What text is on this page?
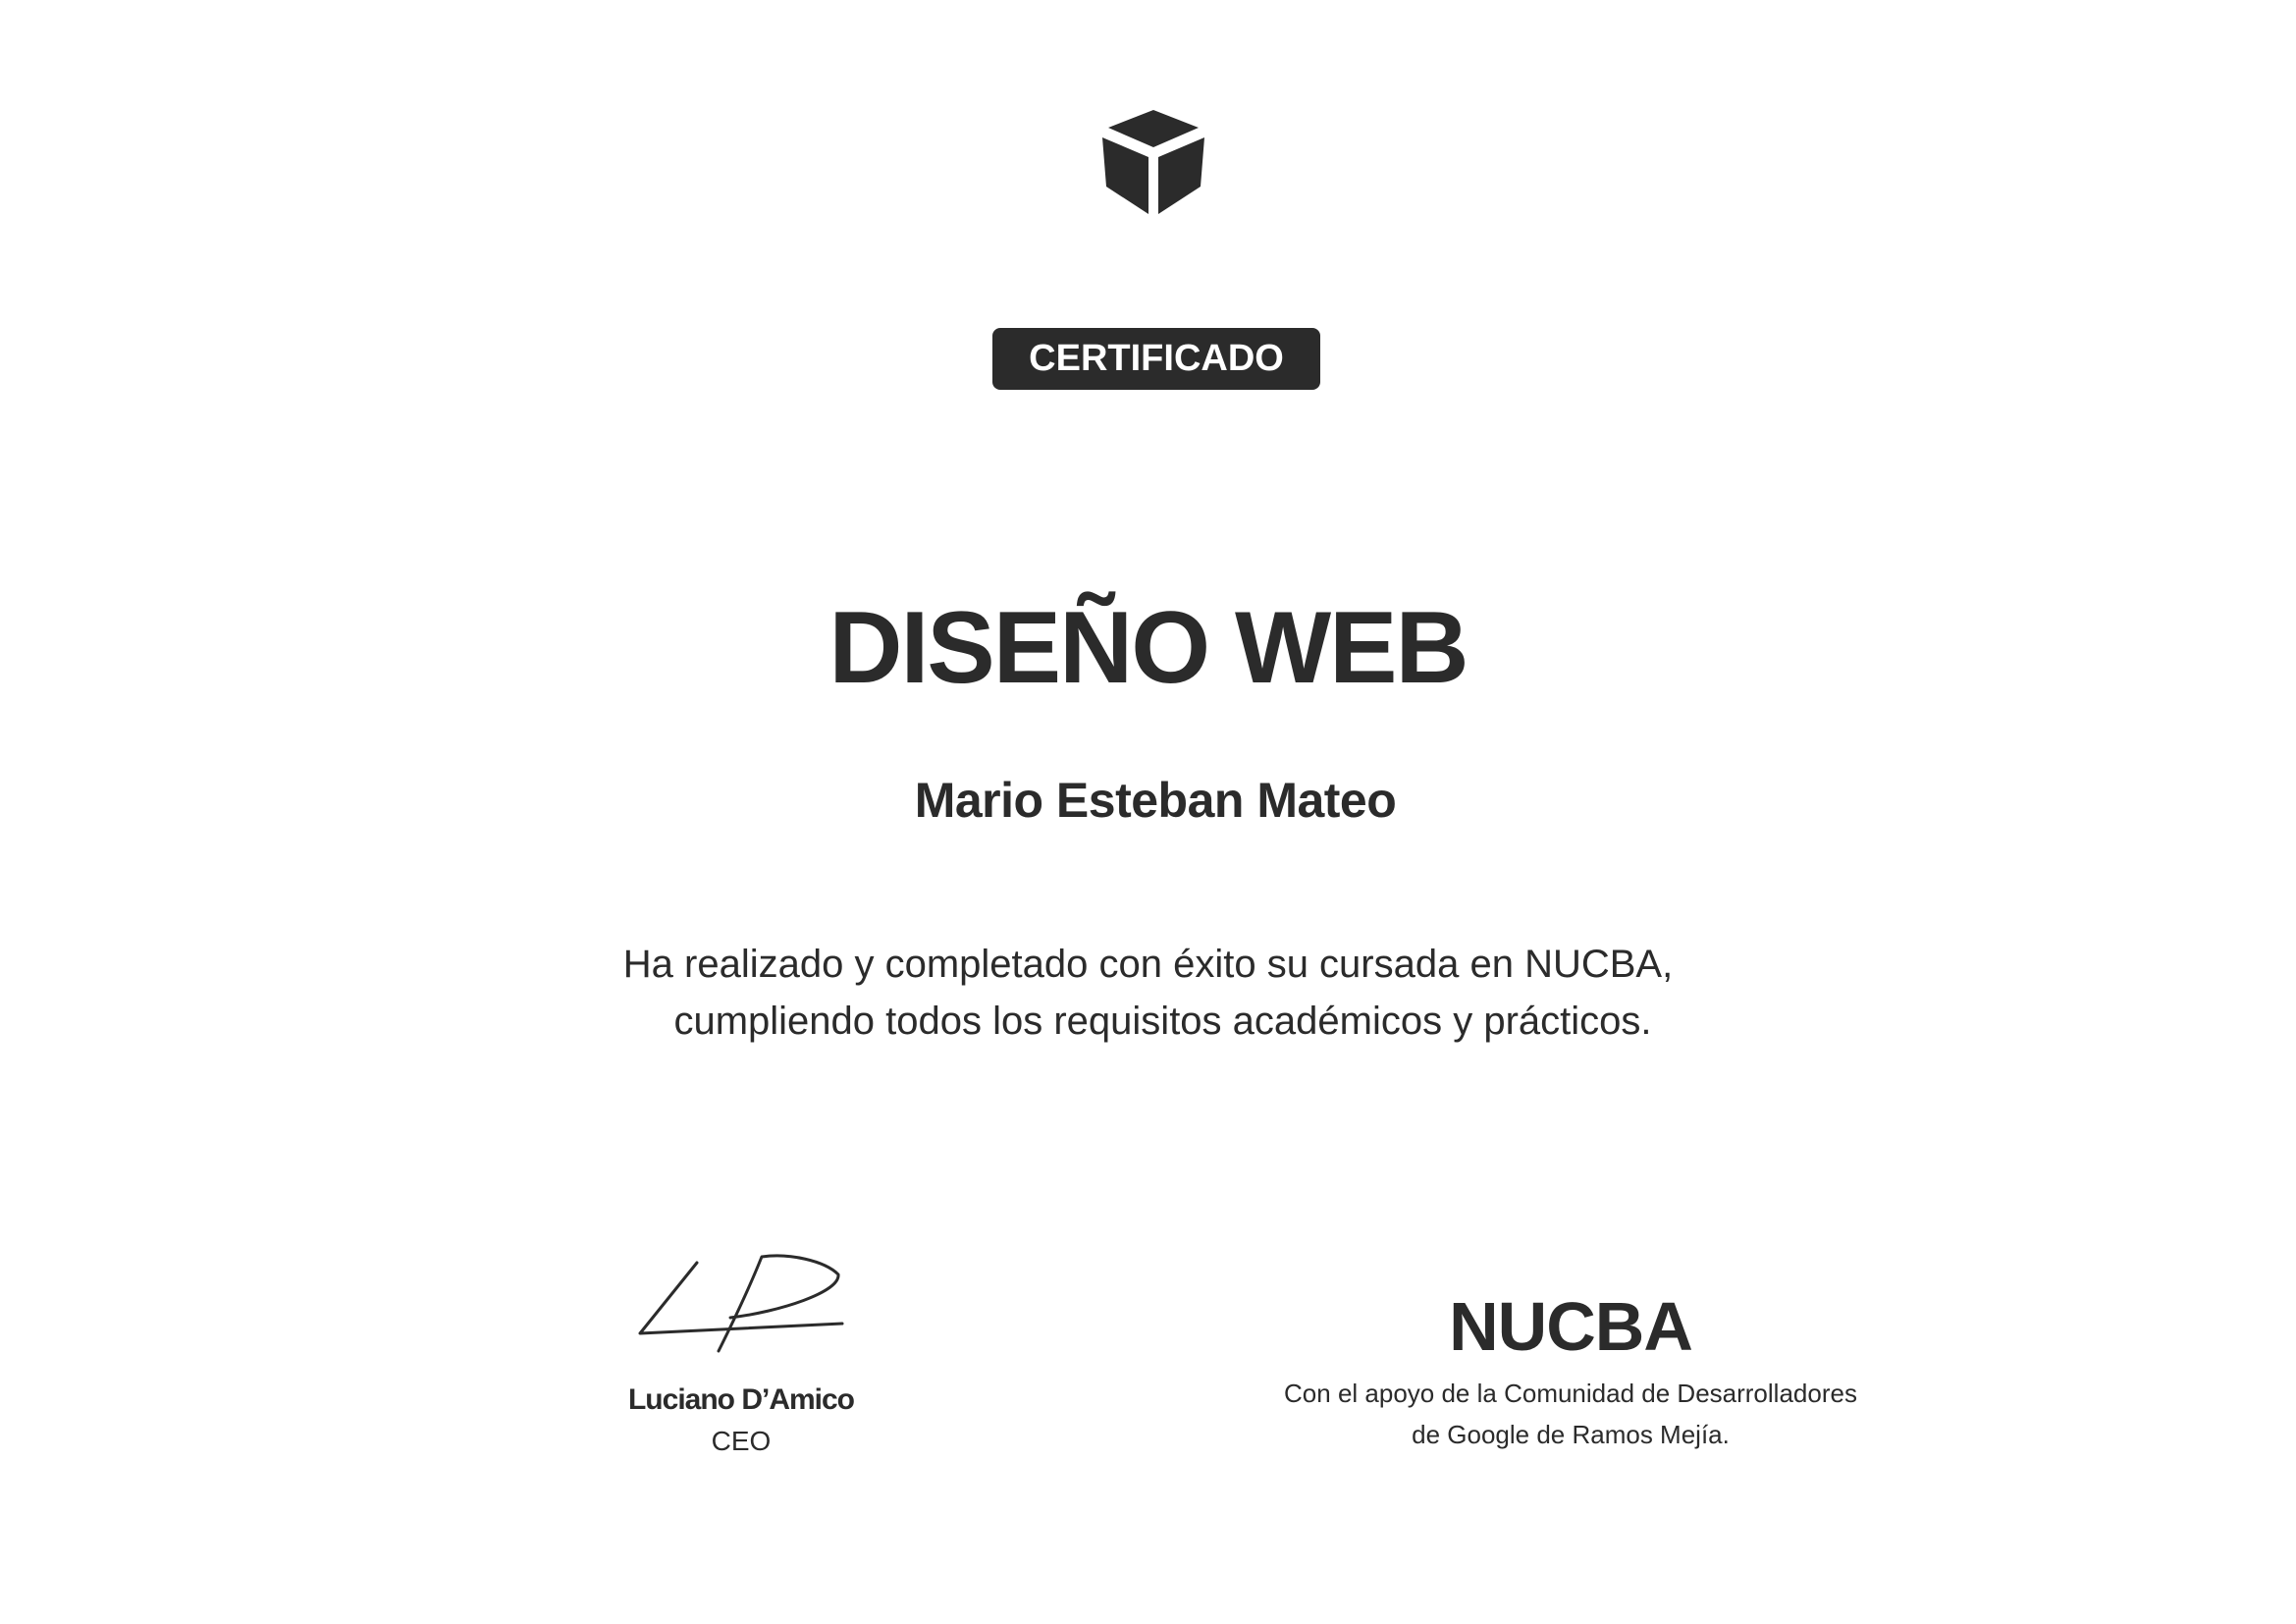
CERTIFICADO
DISEÑO WEB
Mario Esteban Mateo
Ha realizado y completado con éxito su cursada en NUCBA,
cumpliendo todos los requisitos académicos y prácticos.
Luciano D’Amico
CEO
NUCBA
Con el apoyo de la Comunidad de Desarrolladores
de Google de Ramos Mejía.
